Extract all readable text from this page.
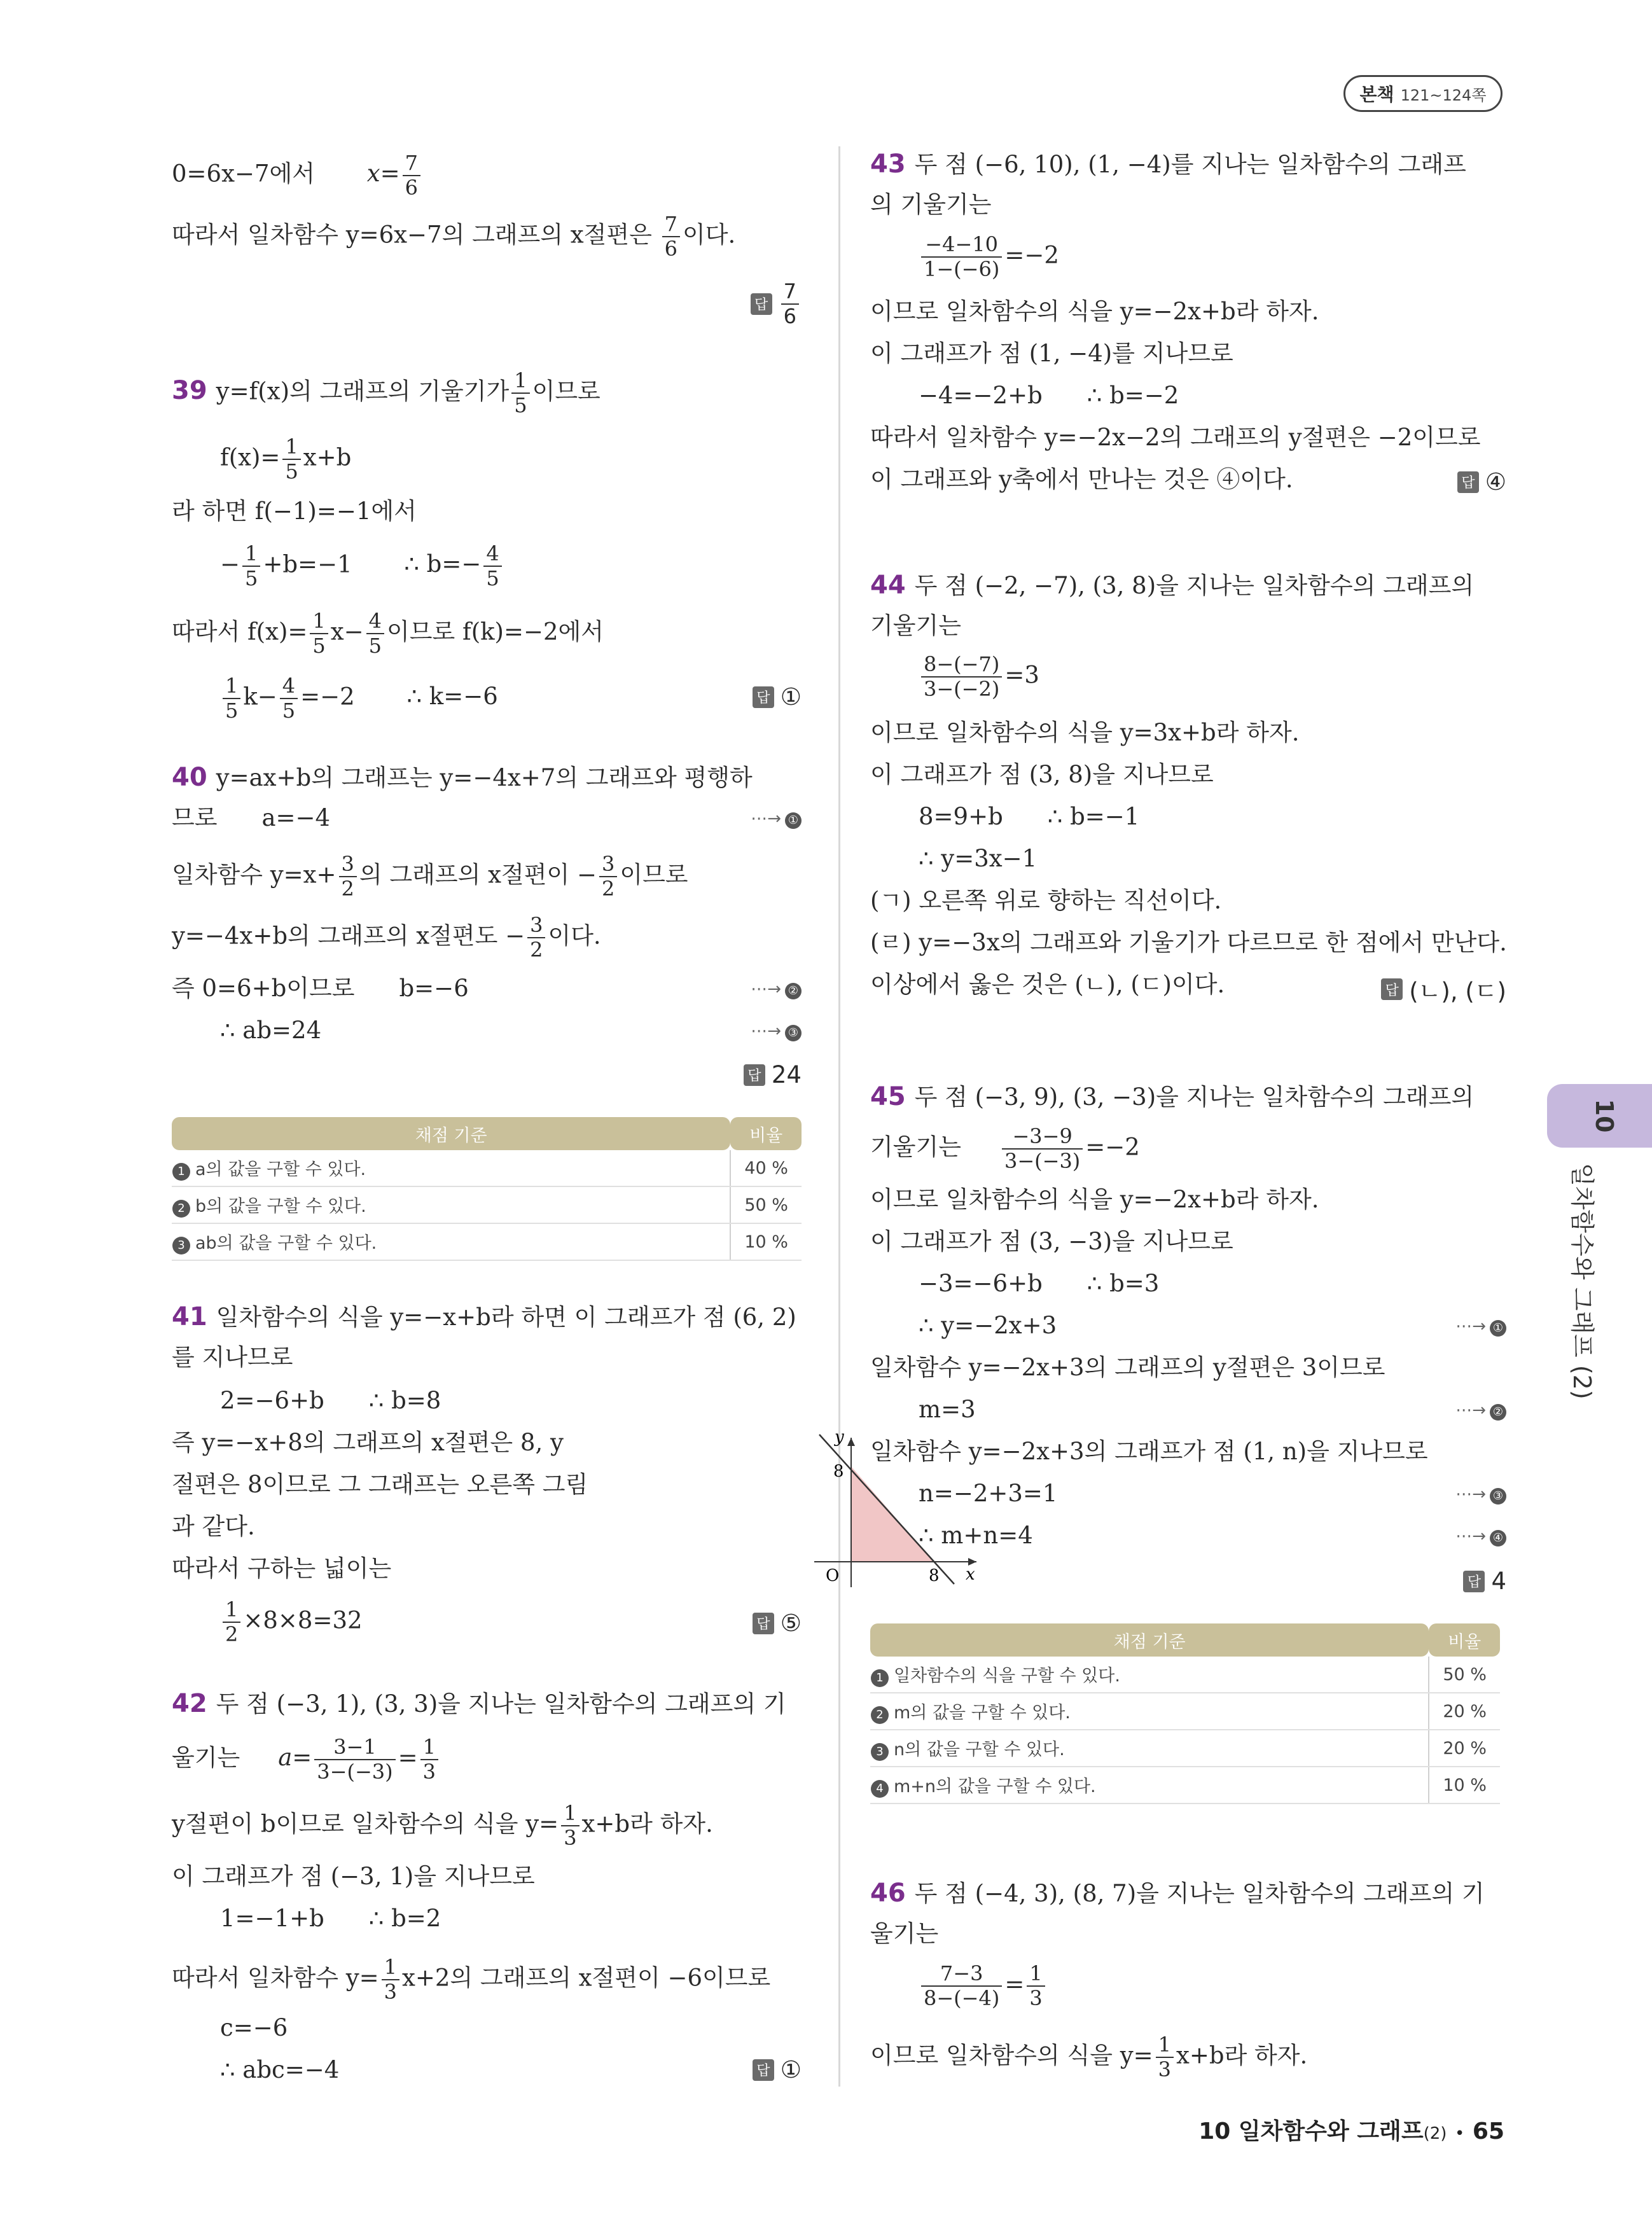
본책 121~124쪽
0=6x−7에서 $x= \frac{7}{6}$
따라서 일차함수 y=6x−7의 그래프의 x절편은 $\frac{7}{6}$ 이다.
답 $\frac{7}{6}$
39 y=f(x)의 그래프의 기울기가 $\frac{1}{5}$ 이므로
$f(x)= \frac{1}{5} x+b$
라 하면 f(−1)=−1에서
− $\frac{1}{5} +b=-1$ ∴ $b=- \frac{4}{5}$
따라서 $f(x)= \frac{1}{5} x- \frac{4}{5}$ 이므로 f(k)=−2에서
$\frac{1}{5} k- \frac{4}{5} =-2$ ∴ k=−6	답 ①
40 y=ax+b의 그래프는 y=−4x+7의 그래프와 평행하
므로 a=−4	⋯→ ①
일차함수 $y=x+ \frac{3}{2}$ 의 그래프의 x절편이 − $\frac{3}{2}$ 이므로
y=−4x+b의 그래프의 x절편도 − $\frac{3}{2}$ 이다.
즉 0=6+b이므로 b=−6	⋯→ ②
∴ ab=24	⋯→ ③
답 24
채점 기준	비율
1 a의 값을 구할 수 있다.	40 %
2 b의 값을 구할 수 있다.	50 %
3 ab의 값을 구할 수 있다.	10 %
41 일차함수의 식을 y=−x+b라 하면 이 그래프가 점 (6, 2)
를 지나므로
2=−6+b ∴ b=8
즉 y=−x+8의 그래프의 x절편은 8, y
절편은 8이므로 그 그래프는 오른쪽 그림
과 같다.
따라서 구하는 넓이는
$\frac{1}{2} \times 8\times 8=32$	답 ⑤
y
x
O
8
8
42 두 점 (−3, 1), (3, 3)을 지나는 일차함수의 그래프의 기
울기는 $a= \frac{3-1}{3-(-3)} = \frac{1}{3}$
y절편이 b이므로 일차함수의 식을 $y= \frac{1}{3} x+b$라 하자.
이 그래프가 점 (−3, 1)을 지나므로
1=−1+b ∴ b=2
따라서 일차함수 $y= \frac{1}{3} x+2$의 그래프의 x절편이 −6이므로
c=−6
∴ abc=−4	답 ①
43 두 점 (−6, 10), (1, −4)를 지나는 일차함수의 그래프
의 기울기는
$\frac{-4-10}{1-(-6)} =-2$
이므로 일차함수의 식을 y=−2x+b라 하자.
이 그래프가 점 (1, −4)를 지나므로
−4=−2+b ∴ b=−2
따라서 일차함수 y=−2x−2의 그래프의 y절편은 −2이므로
이 그래프와 y축에서 만나는 것은 ④이다.	답 ④
44 두 점 (−2, −7), (3, 8)을 지나는 일차함수의 그래프의
기울기는
$\frac{8-(-7)}{3-(-2)} =3$
이므로 일차함수의 식을 y=3x+b라 하자.
이 그래프가 점 (3, 8)을 지나므로
8=9+b ∴ b=−1
∴ y=3x−1
(ㄱ) 오른쪽 위로 향하는 직선이다.
(ㄹ) y=−3x의 그래프와 기울기가 다르므로 한 점에서 만난다.
이상에서 옳은 것은 (ㄴ), (ㄷ)이다.	답 (ㄴ), (ㄷ)
45 두 점 (−3, 9), (3, −3)을 지나는 일차함수의 그래프의
기울기는 $\frac{-3-9}{3-(-3)} =-2$
이므로 일차함수의 식을 y=−2x+b라 하자.
이 그래프가 점 (3, −3)을 지나므로
−3=−6+b ∴ b=3
∴ y=−2x+3	⋯→ ①
일차함수 y=−2x+3의 그래프의 y절편은 3이므로
m=3	⋯→ ②
일차함수 y=−2x+3의 그래프가 점 (1, n)을 지나므로
n=−2+3=1	⋯→ ③
∴ m+n=4	⋯→ ④
답 4
채점 기준	비율
1 일차함수의 식을 구할 수 있다.	50 %
2 m의 값을 구할 수 있다.	20 %
3 n의 값을 구할 수 있다.	20 %
4 m+n의 값을 구할 수 있다.	10 %
46 두 점 (−4, 3), (8, 7)을 지나는 일차함수의 그래프의 기
울기는
$\frac{7-3}{8-(-4)} = \frac{1}{3}$
이므로 일차함수의 식을 $y= \frac{1}{3} x+b$라 하자.
10
일차함수와 그래프 (2)
10 일차함수와 그래프(2) • 65
